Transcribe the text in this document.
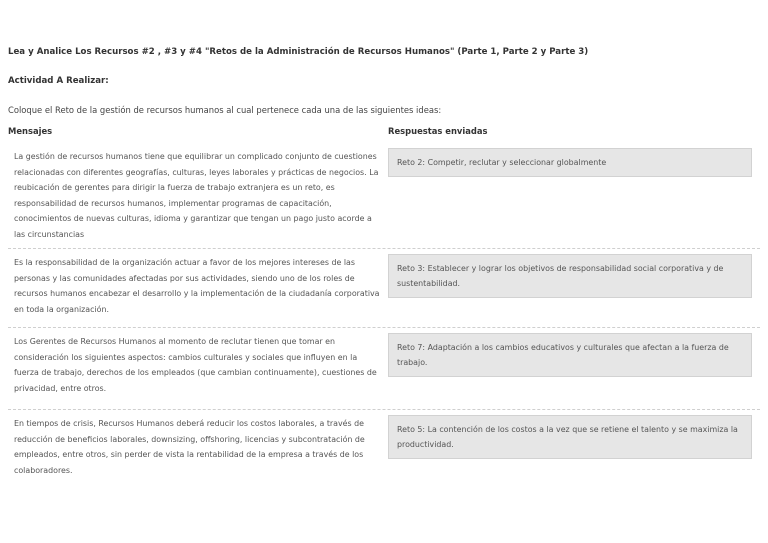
Lea y Analice Los Recursos #2 , #3 y #4 "Retos de la Administración de Recursos Humanos" (Parte 1, Parte 2 y Parte 3)
Actividad A Realizar:
Coloque el Reto de la gestión de recursos humanos al cual pertenece cada una de las siguientes ideas:
Mensajes	Respuestas enviadas
La gestión de recursos humanos tiene que equilibrar un complicado conjunto de cuestiones relacionadas con diferentes geografías, culturas, leyes laborales y prácticas de negocios. La reubicación de gerentes para dirigir la fuerza de trabajo extranjera es un reto, es responsabilidad de recursos humanos, implementar programas de capacitación, conocimientos de nuevas culturas, idioma y garantizar que tengan un pago justo acorde a las circunstancias
Reto 2: Competir, reclutar y seleccionar globalmente
Es la responsabilidad de la organización actuar a favor de los mejores intereses de las personas y las comunidades afectadas por sus actividades, siendo uno de los roles de recursos humanos encabezar el desarrollo y la implementación de la ciudadanía corporativa en toda la organización.
Reto 3: Establecer y lograr los objetivos de responsabilidad social corporativa y de sustentabilidad.
Los Gerentes de Recursos Humanos al momento de reclutar tienen que tomar en consideración los siguientes aspectos: cambios culturales y sociales que influyen en la fuerza de trabajo, derechos de los empleados (que cambian continuamente), cuestiones de privacidad, entre otros.
Reto 7: Adaptación a los cambios educativos y culturales que afectan a la fuerza de trabajo.
En tiempos de crisis, Recursos Humanos deberá reducir los costos laborales, a través de reducción de beneficios laborales, downsizing, offshoring, licencias y subcontratación de empleados, entre otros, sin perder de vista la rentabilidad de la empresa a través de los colaboradores.
Reto 5: La contención de los costos a la vez que se retiene el talento y se maximiza la productividad.
